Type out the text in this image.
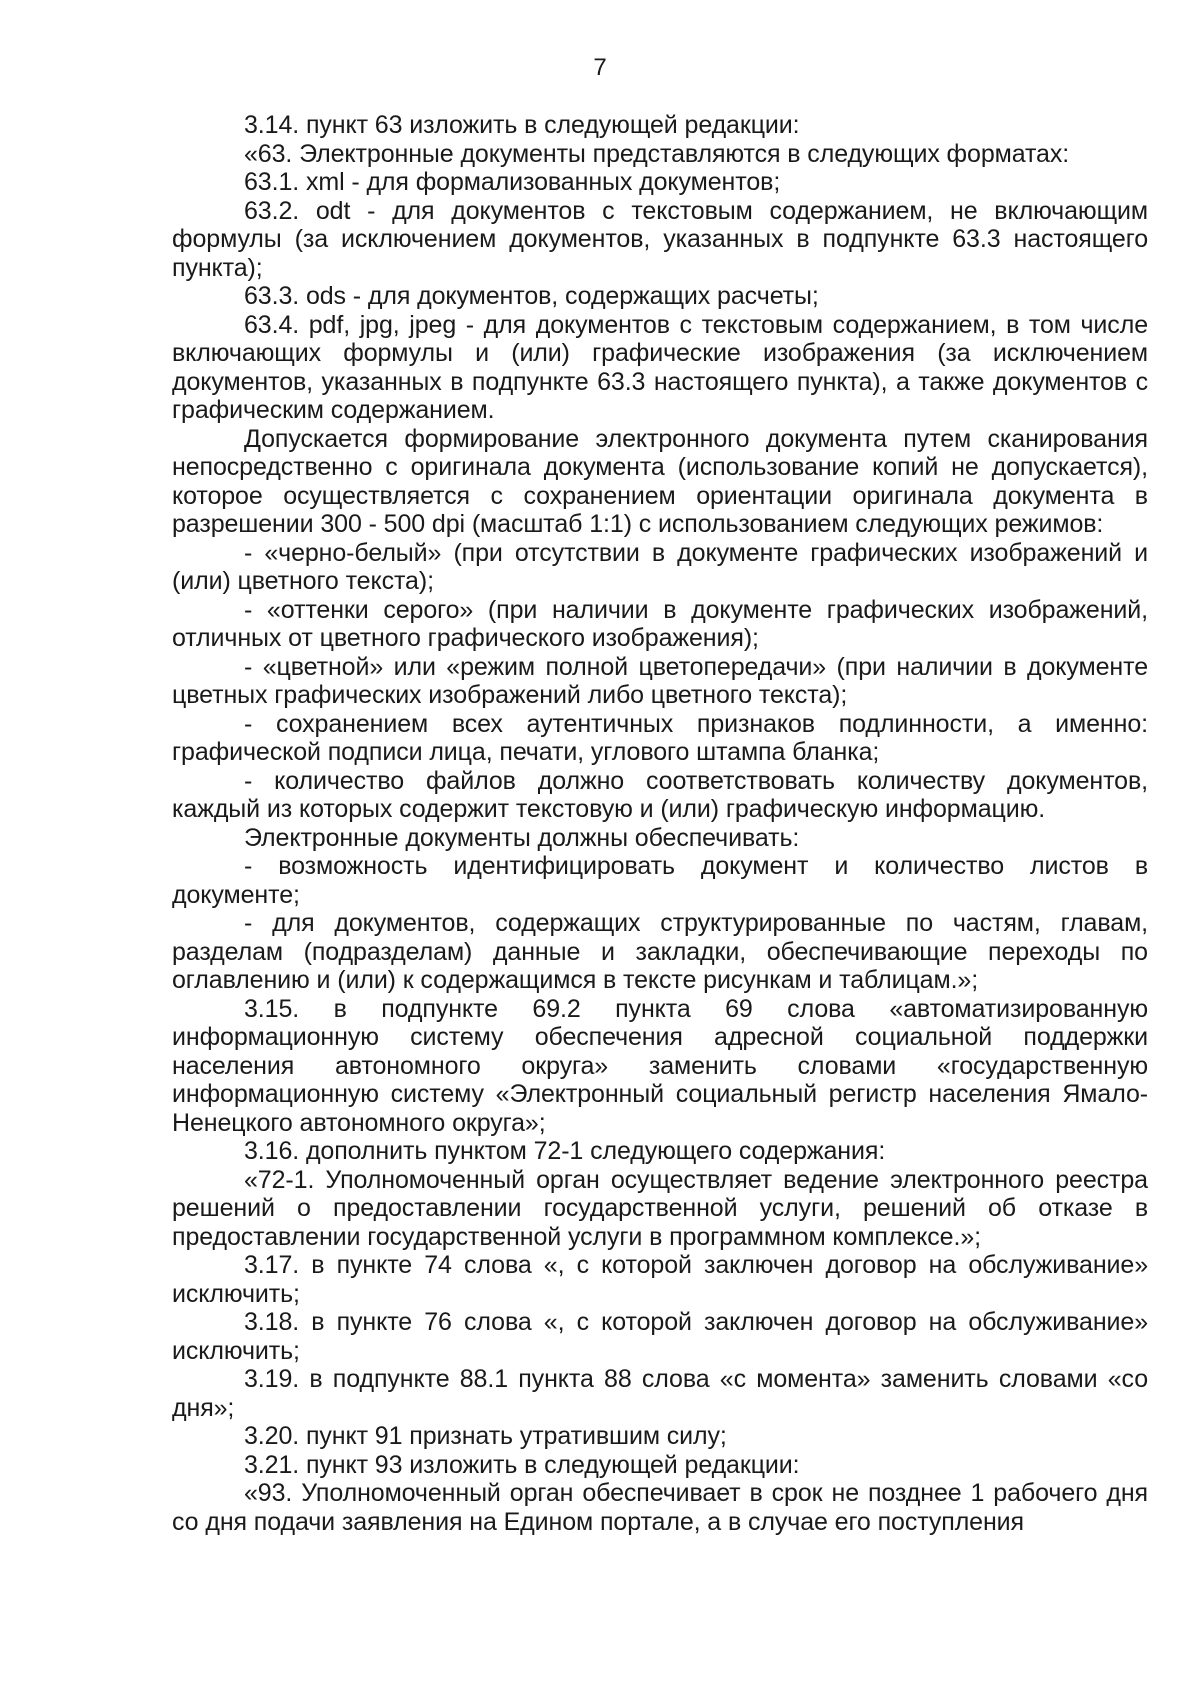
7

3.14. пункт 63 изложить в следующей редакции:

«63. Электронные документы представляются в следующих форматах:

63.1. xml - для формализованных документов;

63.2. odt - для документов с текстовым содержанием, не включающим формулы (за исключением документов, указанных в подпункте 63.3 настоящего пункта);

63.3. ods - для документов, содержащих расчеты;

63.4. pdf, jpg, jpeg - для документов с текстовым содержанием, в том числе включающих формулы и (или) графические изображения (за исключением документов, указанных в подпункте 63.3 настоящего пункта), а также документов с графическим содержанием.

Допускается формирование электронного документа путем сканирования непосредственно с оригинала документа (использование копий не допускается), которое осуществляется с сохранением ориентации оригинала документа в разрешении 300 - 500 dpi (масштаб 1:1) с использованием следующих режимов:

- «черно-белый» (при отсутствии в документе графических изображений и (или) цветного текста);

- «оттенки серого» (при наличии в документе графических изображений, отличных от цветного графического изображения);

- «цветной» или «режим полной цветопередачи» (при наличии в документе цветных графических изображений либо цветного текста);

- сохранением всех аутентичных признаков подлинности, а именно: графической подписи лица, печати, углового штампа бланка;

- количество файлов должно соответствовать количеству документов, каждый из которых содержит текстовую и (или) графическую информацию.

Электронные документы должны обеспечивать:

- возможность идентифицировать документ и количество листов в документе;

- для документов, содержащих структурированные по частям, главам, разделам (подразделам) данные и закладки, обеспечивающие переходы по оглавлению и (или) к содержащимся в тексте рисункам и таблицам.»;

3.15. в подпункте 69.2 пункта 69 слова «автоматизированную информационную систему обеспечения адресной социальной поддержки населения автономного округа» заменить словами «государственную информационную систему «Электронный социальный регистр населения Ямало-Ненецкого автономного округа»;

3.16. дополнить пунктом 72-1 следующего содержания:

«72-1. Уполномоченный орган осуществляет ведение электронного реестра решений о предоставлении государственной услуги, решений об отказе в предоставлении государственной услуги в программном комплексе.»;

3.17. в пункте 74 слова «, с которой заключен договор на обслуживание» исключить;

3.18. в пункте 76 слова «, с которой заключен договор на обслуживание» исключить;

3.19. в подпункте 88.1 пункта 88 слова «с момента» заменить словами «со дня»;

3.20. пункт 91 признать утратившим силу;

3.21. пункт 93 изложить в следующей редакции:

«93. Уполномоченный орган обеспечивает в срок не позднее 1 рабочего дня со дня подачи заявления на Едином портале, а в случае его поступления
